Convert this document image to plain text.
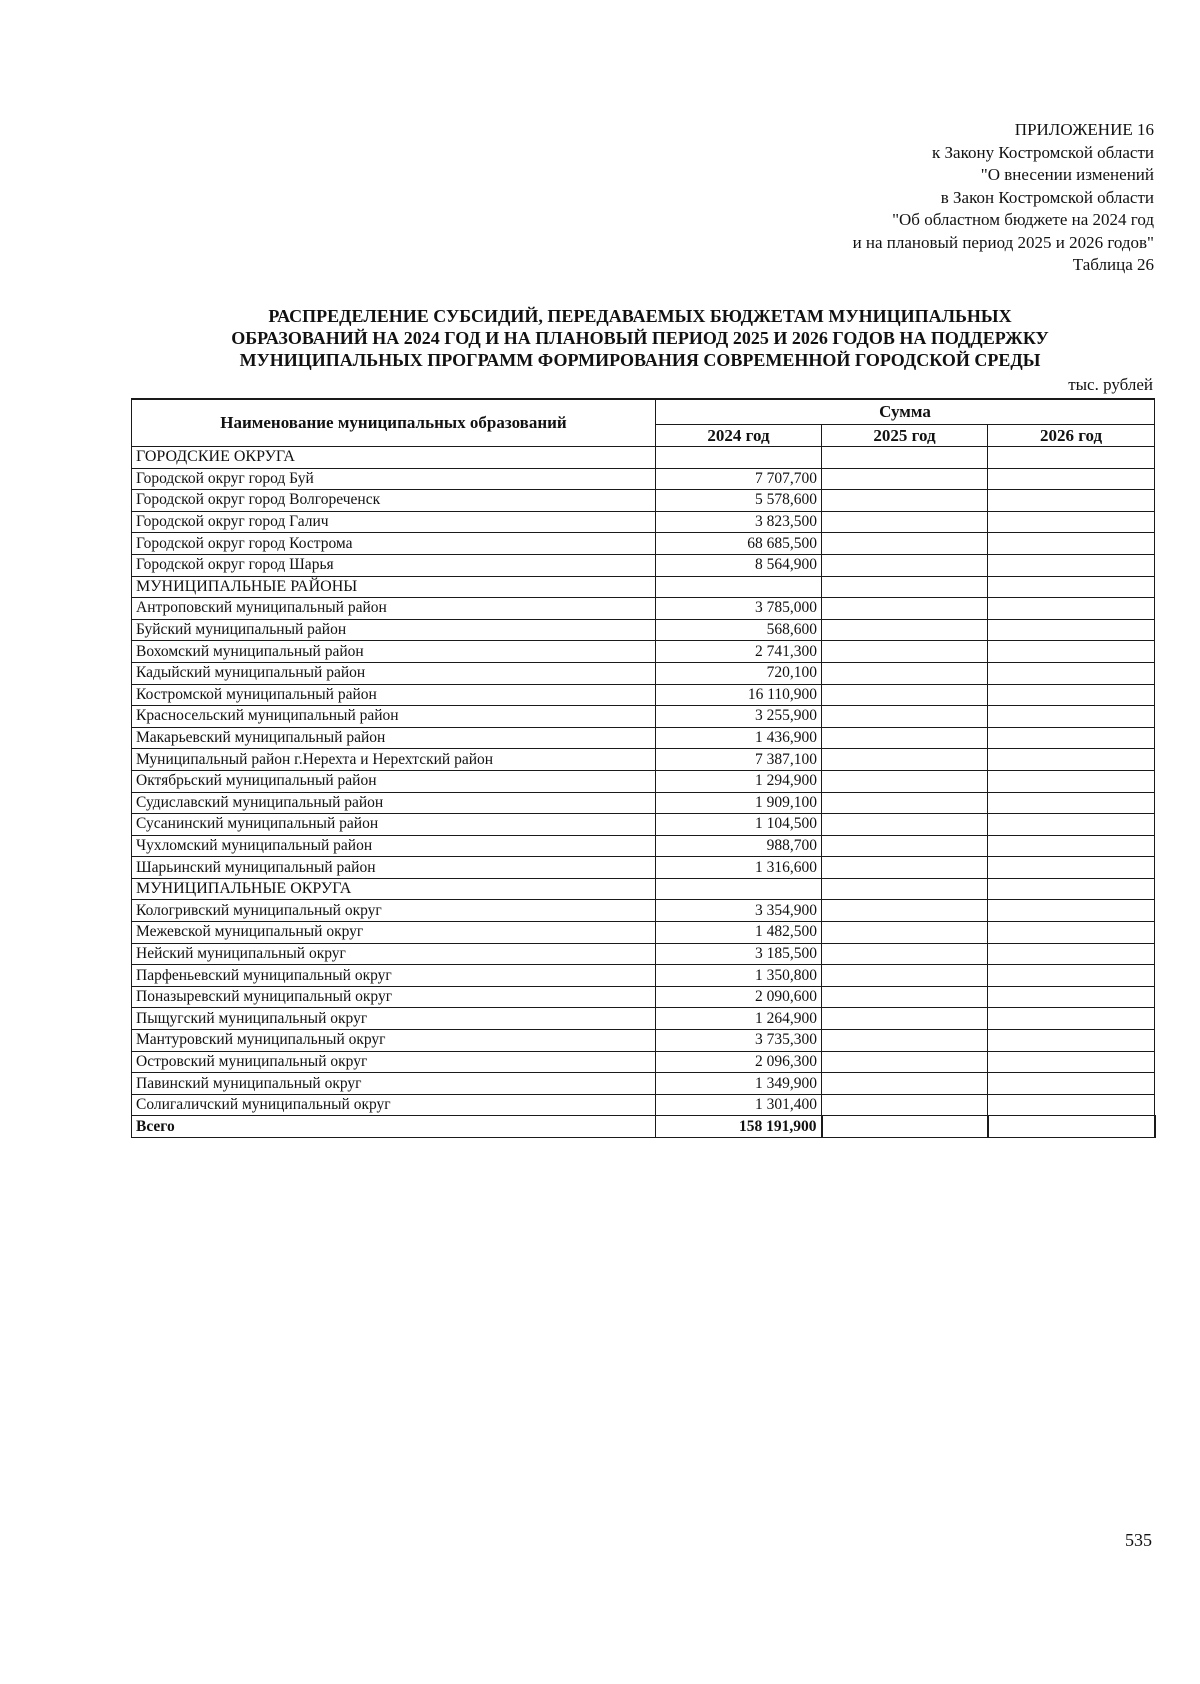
ПРИЛОЖЕНИЕ 16
к Закону Костромской области
"О внесении изменений
в Закон Костромской области
"Об областном бюджете на 2024 год
и на плановый период 2025 и 2026 годов"
Таблица 26
РАСПРЕДЕЛЕНИЕ СУБСИДИЙ, ПЕРЕДАВАЕМЫХ БЮДЖЕТАМ МУНИЦИПАЛЬНЫХ
ОБРАЗОВАНИЙ НА 2024 ГОД И НА ПЛАНОВЫЙ ПЕРИОД 2025 И 2026 ГОДОВ НА ПОДДЕРЖКУ
МУНИЦИПАЛЬНЫХ ПРОГРАММ ФОРМИРОВАНИЯ СОВРЕМЕННОЙ ГОРОДСКОЙ СРЕДЫ
тыс. рублей
Наименование муниципальных образований	Сумма		
	2024 год	2025 год	2026 год
ГОРОДСКИЕ ОКРУГА			
Городской округ город Буй	7 707,700		
Городской округ город Волгореченск	5 578,600		
Городской округ город Галич	3 823,500		
Городской округ город Кострома	68 685,500		
Городской округ город Шарья	8 564,900		
МУНИЦИПАЛЬНЫЕ РАЙОНЫ			
Антроповский муниципальный район	3 785,000		
Буйский муниципальный район	568,600		
Вохомский муниципальный район	2 741,300		
Кадыйский муниципальный район	720,100		
Костромской муниципальный район	16 110,900		
Красносельский муниципальный район	3 255,900		
Макарьевский муниципальный район	1 436,900		
Муниципальный район г.Нерехта и Нерехтский район	7 387,100		
Октябрьский муниципальный район	1 294,900		
Судиславский муниципальный район	1 909,100		
Сусанинский муниципальный район	1 104,500		
Чухломский муниципальный район	988,700		
Шарьинский муниципальный район	1 316,600		
МУНИЦИПАЛЬНЫЕ ОКРУГА			
Кологривский муниципальный округ	3 354,900		
Межевской муниципальный округ	1 482,500		
Нейский муниципальный округ	3 185,500		
Парфеньевский муниципальный округ	1 350,800		
Поназыревский муниципальный округ	2 090,600		
Пыщугский муниципальный округ	1 264,900		
Мантуровский муниципальный округ	3 735,300		
Островский муниципальный округ	2 096,300		
Павинский муниципальный округ	1 349,900		
Солигаличский муниципальный округ	1 301,400		
Всего	158 191,900		
535
